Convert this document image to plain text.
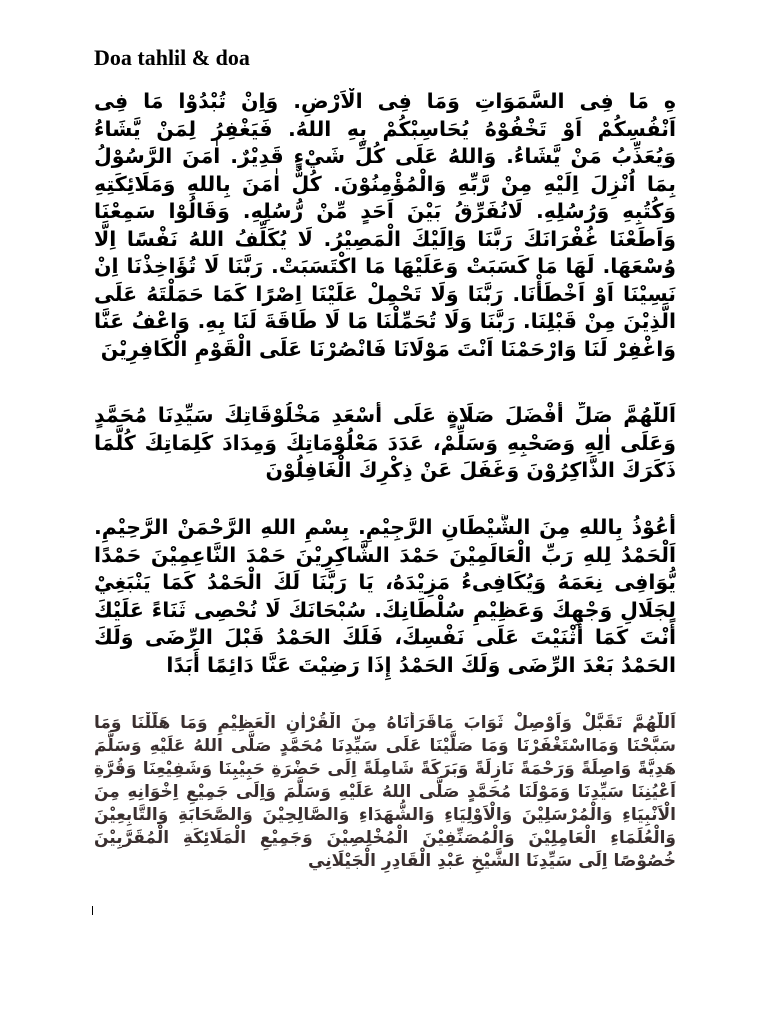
Doa tahlil & doa
هِ مَا فِى السَّمَوَاتِ وَمَا فِى الْاَرْضِ. وَاِنْ تُبْدُوْا مَا فِى اَنْفُسِكُمْ اَوْ تَخْفُوْهُ يُحَاسِبْكُمْ بِهِ اللهُ. فَيَغْفِرُ لِمَنْ يَّشَاءُ وَيُعَذِّبُ مَنْ يَّشَاءُ. وَاللهُ عَلَى كُلِّ شَيْءٍ قَدِيْرٌ. اٰمَنَ الرَّسُوْلُ بِمَا اُنْزِلَ اِلَيْهِ مِنْ رَّبِّهِ وَالْمُؤْمِنُوْنَ. كُلٌّ اٰمَنَ بِاللهِ وَمَلَائِكَتِهِ وَكُتُبِهِ وَرُسُلِهِ. لَانُفَرِّقُ بَيْنَ اَحَدٍ مِّنْ رُّسُلِهِ. وَقَالُوْا سَمِعْنَا وَاَطَعْنَا غُفْرَانَكَ رَبَّنَا وَاِلَيْكَ الْمَصِيْرُ. لَا يُكَلِّفُ اللهُ نَفْسًا اِلَّا وُسْعَهَا. لَهَا مَا كَسَبَتْ وَعَلَيْهَا مَا اكْتَسَبَتْ. رَبَّنَا لَا تُؤَاخِذْنَا اِنْ نَسِيْنَا اَوْ اَخْطَأْنَا. رَبَّنَا وَلَا تَحْمِلْ عَلَيْنَا اِصْرًا كَمَا حَمَلْتَهُ عَلَى الَّذِيْنَ مِنْ قَبْلِنَا. رَبَّنَا وَلَا تُحَمِّلْنَا مَا لَا طَاقَةَ لَنَا بِهِ. وَاعْفُ عَنَّا وَاغْفِرْ لَنَا وَارْحَمْنَا اَنْتَ مَوْلَانَا فَانْصُرْنَا عَلَى الْقَوْمِ الْكَافِرِيْنَ
اَللّٰهُمَّ صَلِّ أَفْضَلَ صَلَاةٍ عَلَى أَسْعَدِ مَخْلُوْقَاتِكَ سَيِّدِنَا مُحَمَّدٍ وَعَلَى اٰلِهِ وَصَحْبِهِ وَسَلِّمْ، عَدَدَ مَعْلُوْمَاتِكَ وَمِدَادَ كَلِمَاتِكَ كُلَّمَا ذَكَرَكَ الذَّاكِرُوْنَ وَغَفَلَ عَنْ ذِكْرِكَ الْغَافِلُوْنَ
أَعُوْذُ بِاللهِ مِنَ الشَّيْطَانِ الرَّجِيْمِ. بِسْمِ اللهِ الرَّحْمَنْ الرَّحِيْمِ. اَلْحَمْدُ لِلهِ رَبِّ الْعَالَمِيْنَ حَمْدَ الشَّاكِرِيْنَ حَمْدَ النَّاعِمِيْنَ حَمْدًا يُّوَافِى نِعَمَهُ وَيُكَافِىءُ مَزِيْدَهُ، يَا رَبَّنَا لَكَ الْحَمْدُ كَمَا يَنْبَغِيْ لِجَلَالِ وَجْهِكَ وَعَظِيْمِ سُلْطَانِكَ. سُبْحَانَكَ لَا نُحْصِى ثَنَاءً عَلَيْكَ أَنْتَ كَمَا أَثْنَيْتَ عَلَى نَفْسِكَ، فَلَكَ الحَمْدُ قَبْلَ الرِّضَى وَلَكَ الحَمْدُ بَعْدَ الرِّضَى وَلَكَ الحَمْدُ إِذَا رَضِيْتَ عَنَّا دَائِمًا أَبَدًا
اَللّٰهُمَّ تَقَبَّلْ وَاَوْصِلْ ثَوَابَ مَاقَرَأْنَاهُ مِنَ الْقُرْاٰنِ الْعَظِيْمِ وَمَا هَلَّلْنَا وَمَا سَبَّحْنَا وَمَااسْتَغْفَرْنَا وَمَا صَلَّيْنَا عَلَى سَيِّدِنَا مُحَمَّدٍ صَلَّى اللهُ عَلَيْهِ وَسَلَّمَ هَدِيَّةً وَاصِلَةً وَرَحْمَةً نَازِلَةً وَبَرَكَةً شَامِلَةً اِلَى حَضْرَةِ حَبِيْبِنَا وَشَفِيْعِنَا وَقُرَّةِ اَعْيُنِنَا سَيِّدِنَا وَمَوْلَنَا مُحَمَّدٍ صَلَّى اللهُ عَلَيْهِ وَسَلَّمَ وَاِلَى جَمِيْعِ اِخْوَانِهِ مِنَ الْاَنْبِيَاءِ وَالْمُرْسَلِيْنَ وَالْاَوْلِيَاءِ وَالشُّهَدَاءِ وَالصَّالِحِيْنَ وَالصَّحَابَةِ وَالتَّابِعِيْنَ وَالْعُلَمَاءِ الْعَامِلِيْنَ وَالْمُصَنِّفِيْنَ الْمُخْلِصِيْنَ وَجَمِيْعِ الْمَلَائِكَةِ الْمُقَرَّبِيْنَ خُصُوْصًا اِلَى سَيِّدِنَا الشَّيْخِ عَبْدِ الْقَادِرِ الْجَيْلَانِي
